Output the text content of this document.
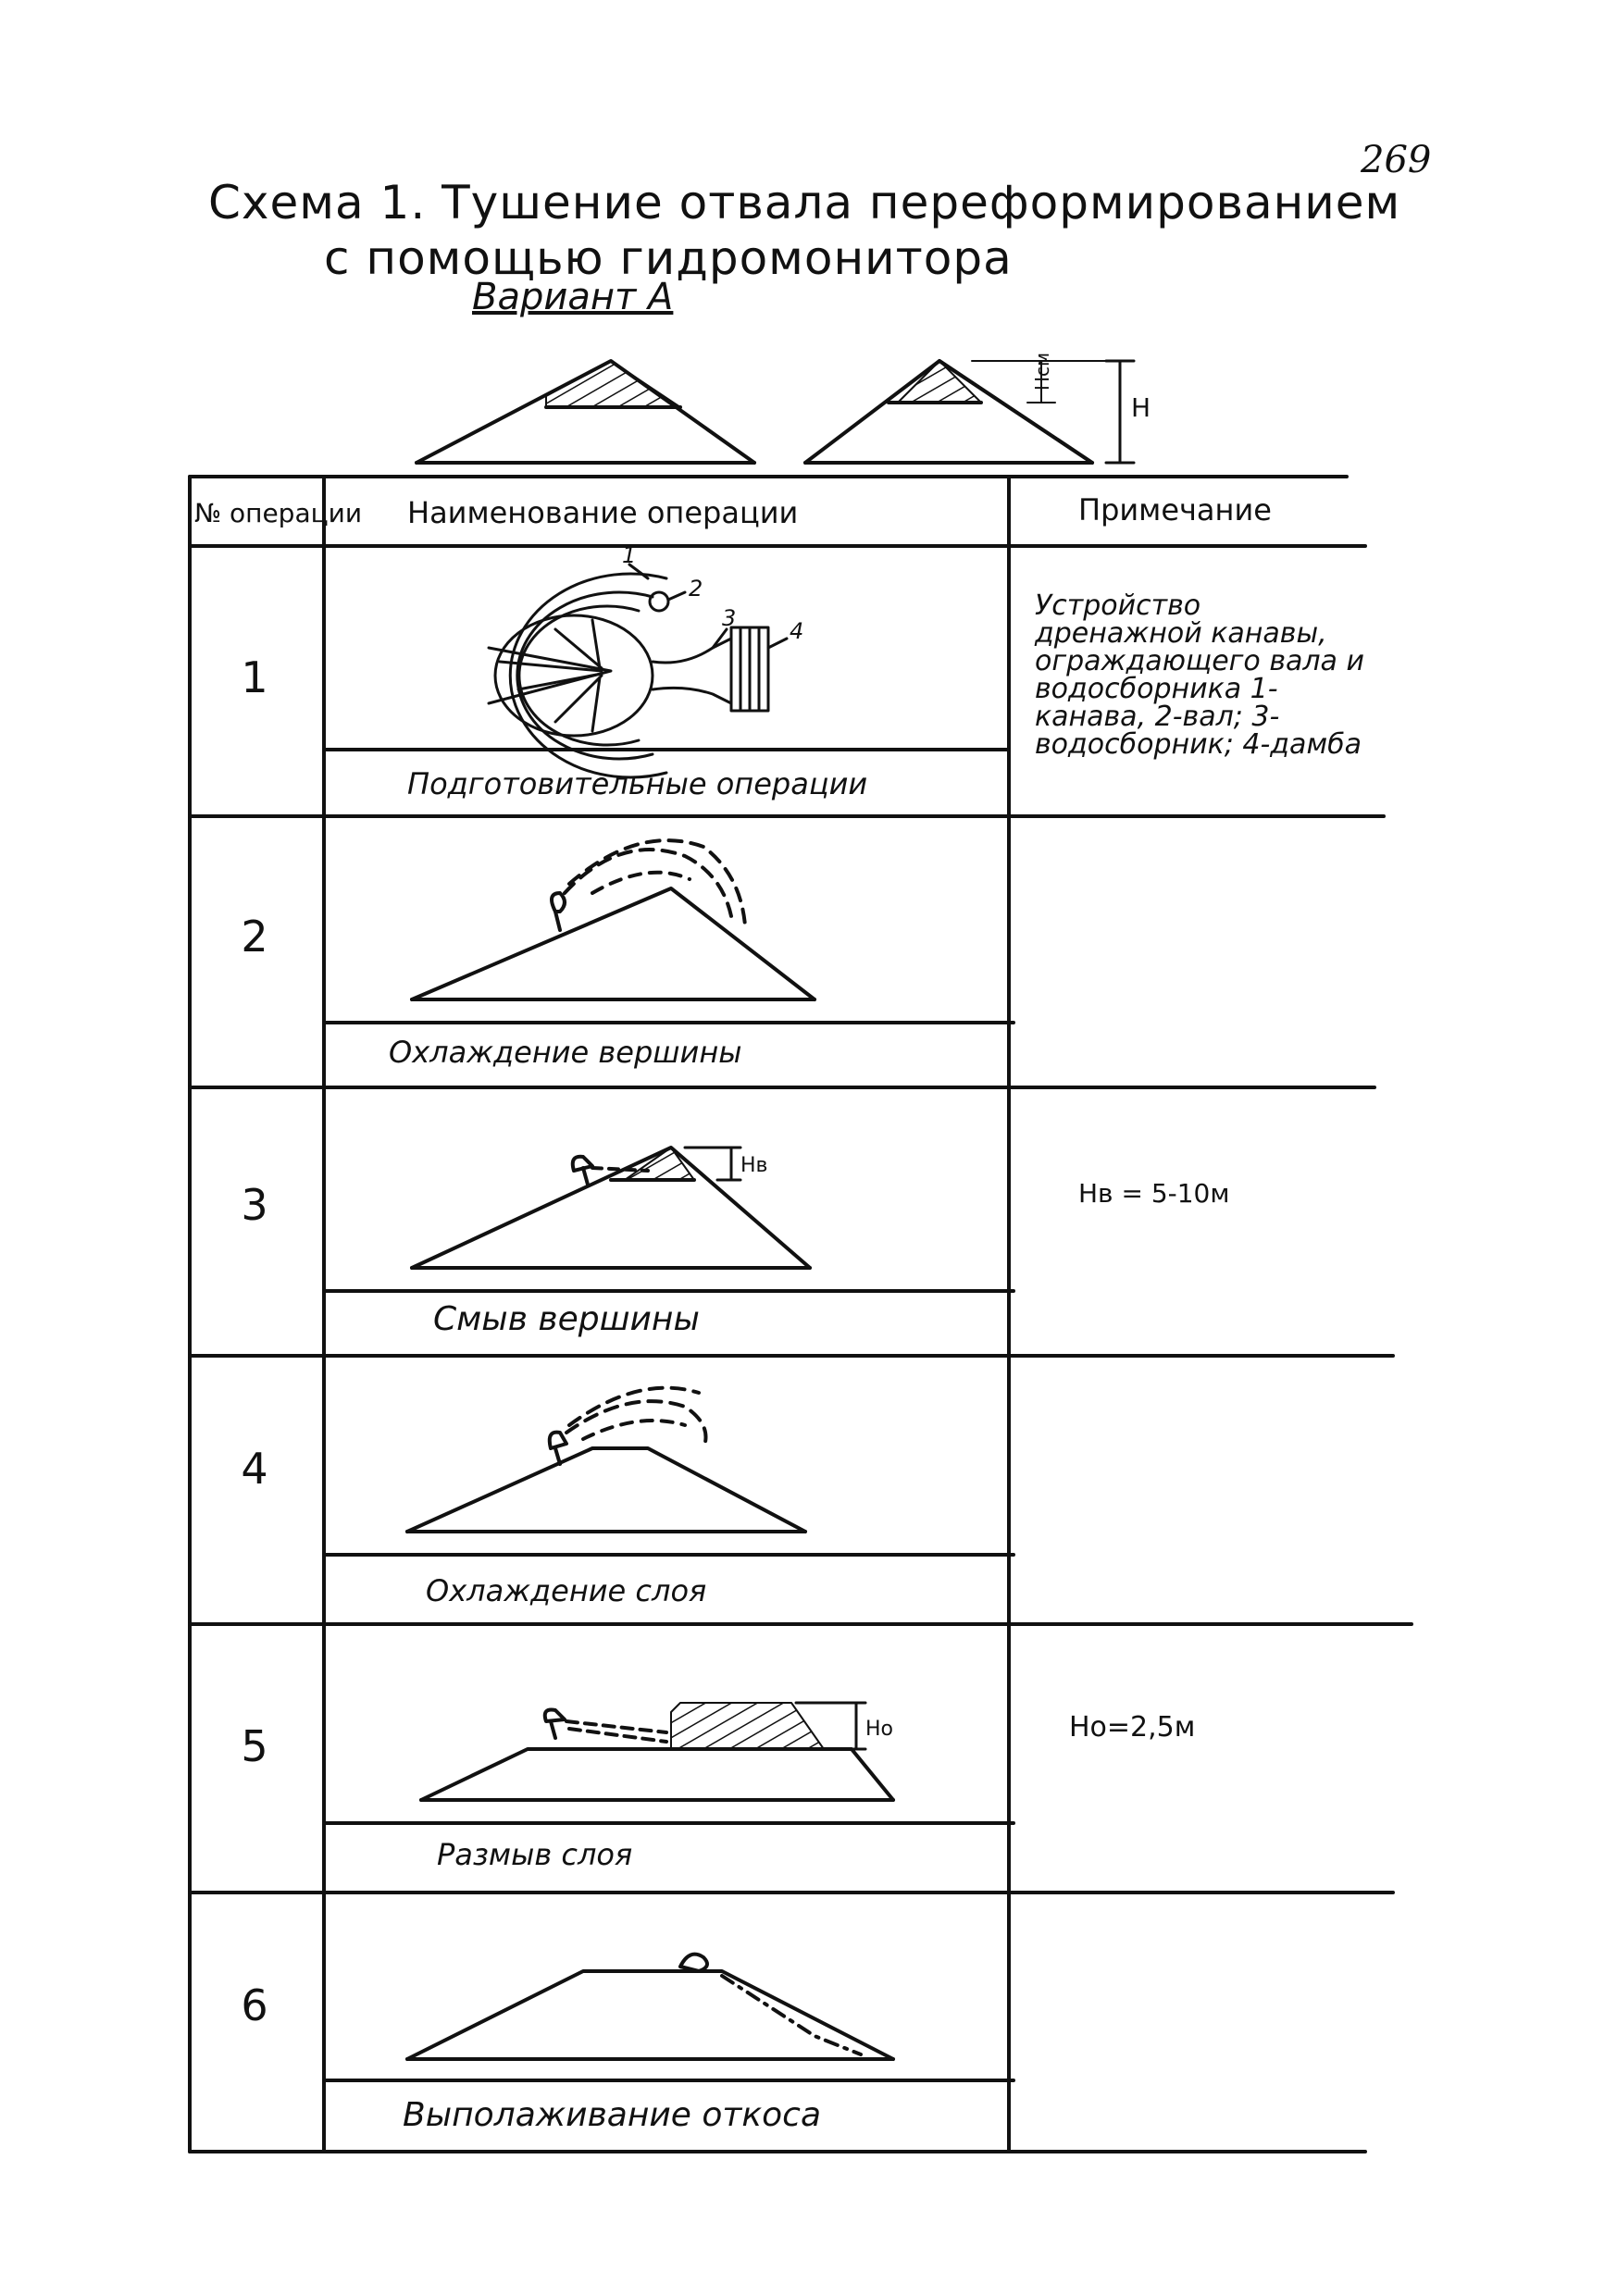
269
Схема 1. Тушение отвала переформированием
с помощью гидромонитора
Вариант А
1
2
3 4
Нсм
Н
Нв
Но
№ операции Наименование операции	Примечание
1
2
3
4
5
6
Подготовительные операции
Охлаждение вершины
Смыв вершины
Охлаждение слоя
Размыв слоя
Выполаживание откоса
Устройство дренажной канавы, ограждающего вала и водосборника 1-канава, 2-вал; 3-водосборник; 4-дамба
Нв = 5-10м
Но=2,5м
